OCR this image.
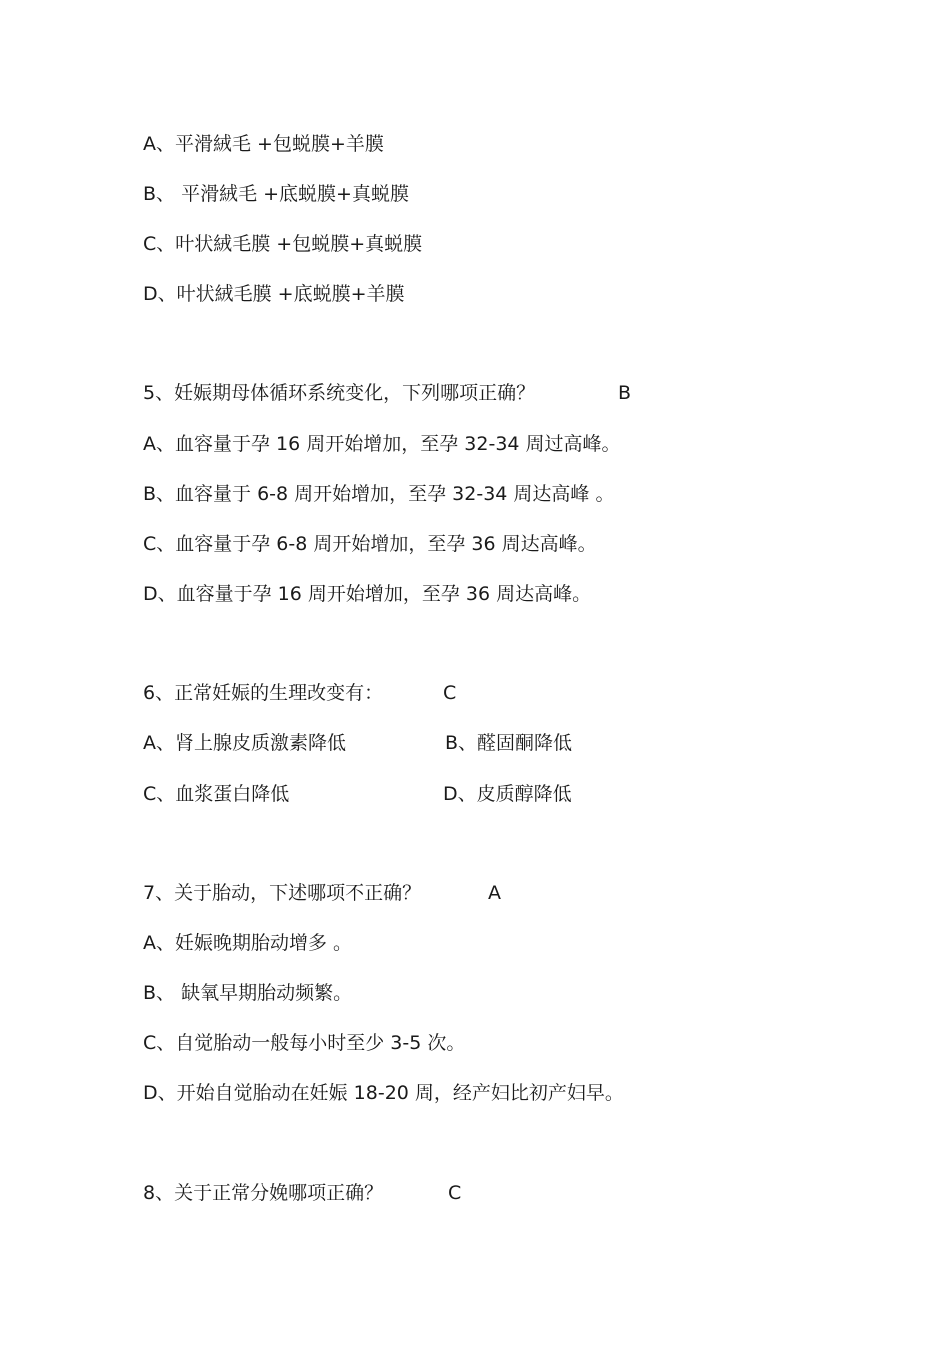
A、平滑絨毛 +包蜕膜+羊膜
B、 平滑絨毛 +底蜕膜+真蜕膜
C、叶状絨毛膜 +包蜕膜+真蜕膜
D、叶状絨毛膜 +底蜕膜+羊膜
5、妊娠期母体循环系统变化，下列哪项正确？	B
A、血容量于孕 16 周开始增加，至孕 32-34 周过高峰。
B、血容量于 6-8 周开始增加，至孕 32-34 周达高峰 。
C、血容量于孕 6-8 周开始增加，至孕 36 周达高峰。
D、血容量于孕 16 周开始增加，至孕 36 周达高峰。
6、正常妊娠的生理改变有：	C
A、肾上腺皮质激素降低	B、醛固酮降低
C、血浆蛋白降低	D、皮质醇降低
7、关于胎动，下述哪项不正确？	A
A、妊娠晚期胎动增多 。
B、 缺氧早期胎动频繁。
C、自觉胎动一般每小时至少 3-5 次。
D、开始自觉胎动在妊娠 18-20 周，经产妇比初产妇早。
8、关于正常分娩哪项正确？	C
